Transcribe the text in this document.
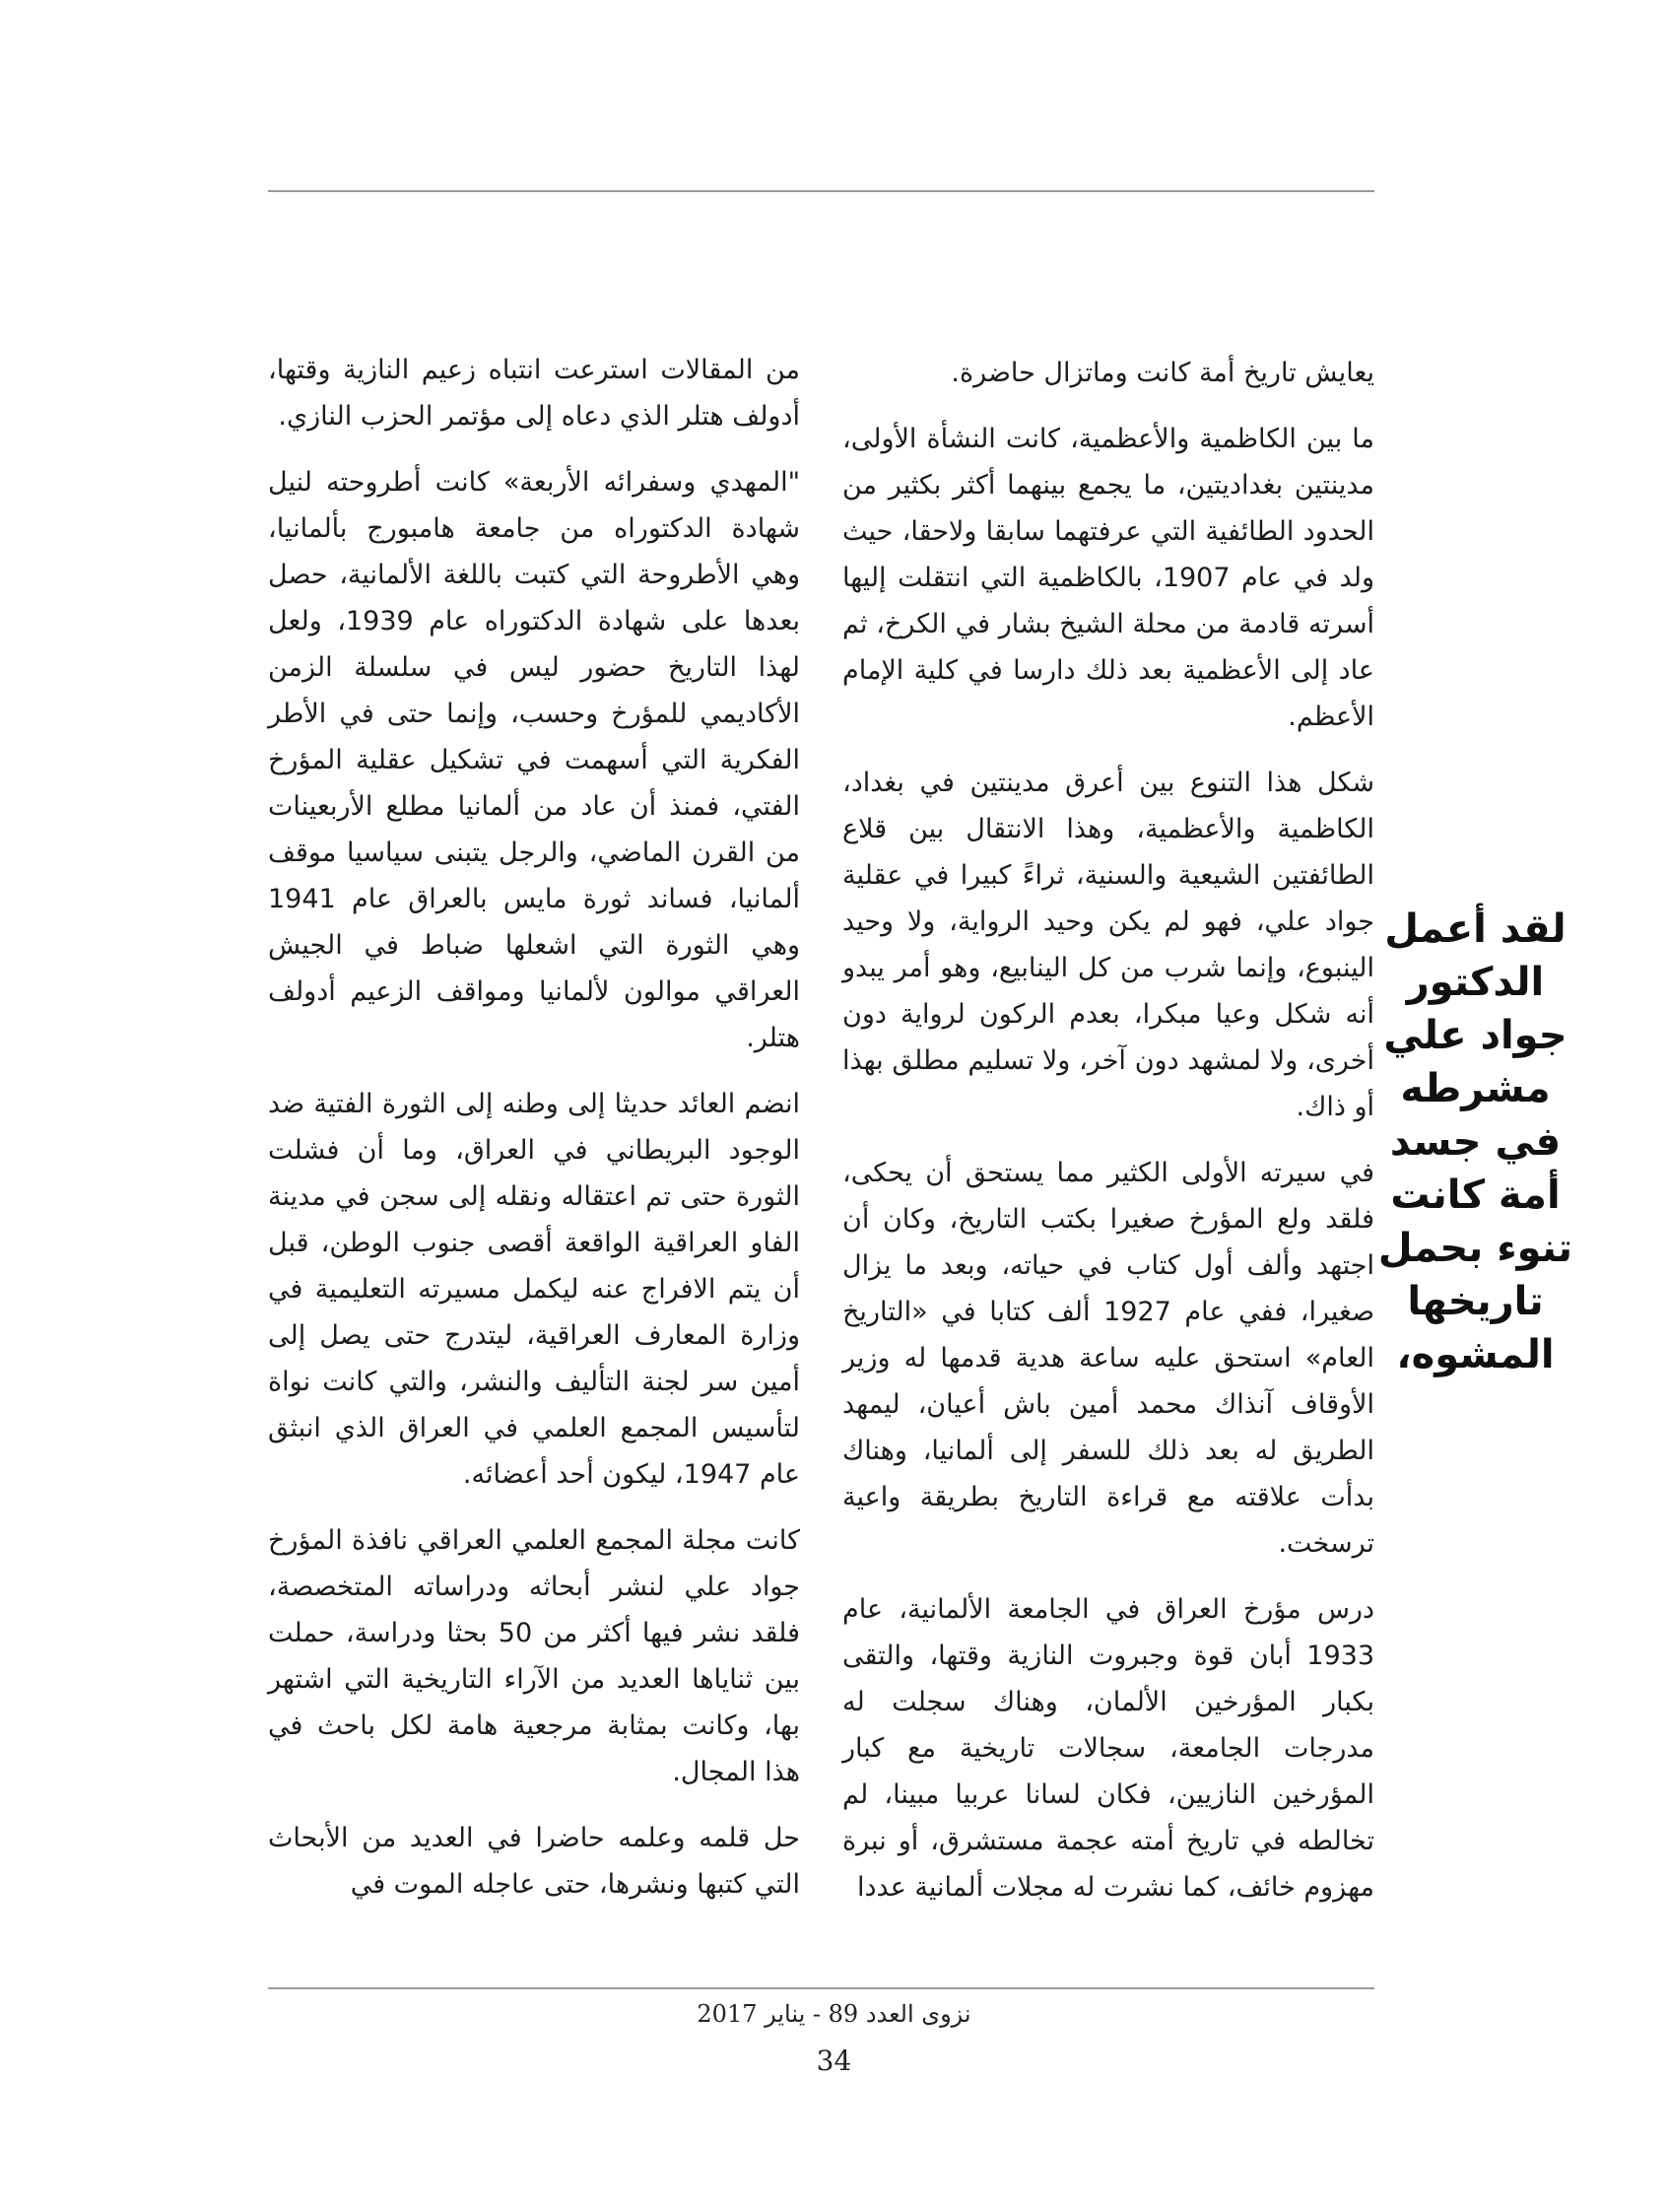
يعايش تاريخ أمة كانت وماتزال حاضرة.

ما بين الكاظمية والأعظمية، كانت النشأة الأولى، مدينتين بغداديتين، ما يجمع بينهما أكثر بكثير من الحدود الطائفية التي عرفتهما سابقا ولاحقا، حيث ولد في عام 1907، بالكاظمية التي انتقلت إليها أسرته قادمة من محلة الشيخ بشار في الكرخ، ثم عاد إلى الأعظمية بعد ذلك دارسا في كلية الإمام الأعظم.

شكل هذا التنوع بين أعرق مدينتين في بغداد، الكاظمية والأعظمية، وهذا الانتقال بين قلاع الطائفتين الشيعية والسنية، ثراءً كبيرا في عقلية جواد علي، فهو لم يكن وحيد الرواية، ولا وحيد الينبوع، وإنما شرب من كل الينابيع، وهو أمر يبدو أنه شكل وعيا مبكرا، بعدم الركون لرواية دون أخرى، ولا لمشهد دون آخر، ولا تسليم مطلق بهذا أو ذاك.

في سيرته الأولى الكثير مما يستحق أن يحكى، فلقد ولع المؤرخ صغيرا بكتب التاريخ، وكان أن اجتهد وألف أول كتاب في حياته، وبعد ما يزال صغيرا، ففي عام 1927 ألف كتابا في «التاريخ العام» استحق عليه ساعة هدية قدمها له وزير الأوقاف آنذاك محمد أمين باش أعيان، ليمهد الطريق له بعد ذلك للسفر إلى ألمانيا، وهناك بدأت علاقته مع قراءة التاريخ بطريقة واعية ترسخت.

درس مؤرخ العراق في الجامعة الألمانية، عام 1933 أبان قوة وجبروت النازية وقتها، والتقى بكبار المؤرخين الألمان، وهناك سجلت له مدرجات الجامعة، سجالات تاريخية مع كبار المؤرخين النازيين، فكان لسانا عربيا مبينا، لم تخالطه في تاريخ أمته عجمة مستشرق، أو نبرة مهزوم خائف، كما نشرت له مجلات ألمانية عددا

لقد أعمل الدكتور جواد علي مشرطه في جسد أمة كانت تنوء بحمل تاريخها المشوه،

من المقالات استرعت انتباه زعيم النازية وقتها، أدولف هتلر الذي دعاه إلى مؤتمر الحزب النازي.

"المهدي وسفرائه الأربعة» كانت أطروحته لنيل شهادة الدكتوراه من جامعة هامبورج بألمانيا، وهي الأطروحة التي كتبت باللغة الألمانية، حصل بعدها على شهادة الدكتوراه عام 1939، ولعل لهذا التاريخ حضور ليس في سلسلة الزمن الأكاديمي للمؤرخ وحسب، وإنما حتى في الأطر الفكرية التي أسهمت في تشكيل عقلية المؤرخ الفتي، فمنذ أن عاد من ألمانيا مطلع الأربعينات من القرن الماضي، والرجل يتبنى سياسيا موقف ألمانيا، فساند ثورة مايس بالعراق عام 1941 وهي الثورة التي اشعلها ضباط في الجيش العراقي موالون لألمانيا ومواقف الزعيم أدولف هتلر.

انضم العائد حديثا إلى وطنه إلى الثورة الفتية ضد الوجود البريطاني في العراق، وما أن فشلت الثورة حتى تم اعتقاله ونقله إلى سجن في مدينة الفاو العراقية الواقعة أقصى جنوب الوطن، قبل أن يتم الافراج عنه ليكمل مسيرته التعليمية في وزارة المعارف العراقية، ليتدرج حتى يصل إلى أمين سر لجنة التأليف والنشر، والتي كانت نواة لتأسيس المجمع العلمي في العراق الذي انبثق عام 1947، ليكون أحد أعضائه.

كانت مجلة المجمع العلمي العراقي نافذة المؤرخ جواد علي لنشر أبحاثه ودراساته المتخصصة، فلقد نشر فيها أكثر من 50 بحثا ودراسة، حملت بين ثناياها العديد من الآراء التاريخية التي اشتهر بها، وكانت بمثابة مرجعية هامة لكل باحث في هذا المجال.

حل قلمه وعلمه حاضرا في العديد من الأبحاث التي كتبها ونشرها، حتى عاجله الموت في

نزوى العدد 89 - يناير 2017
34
